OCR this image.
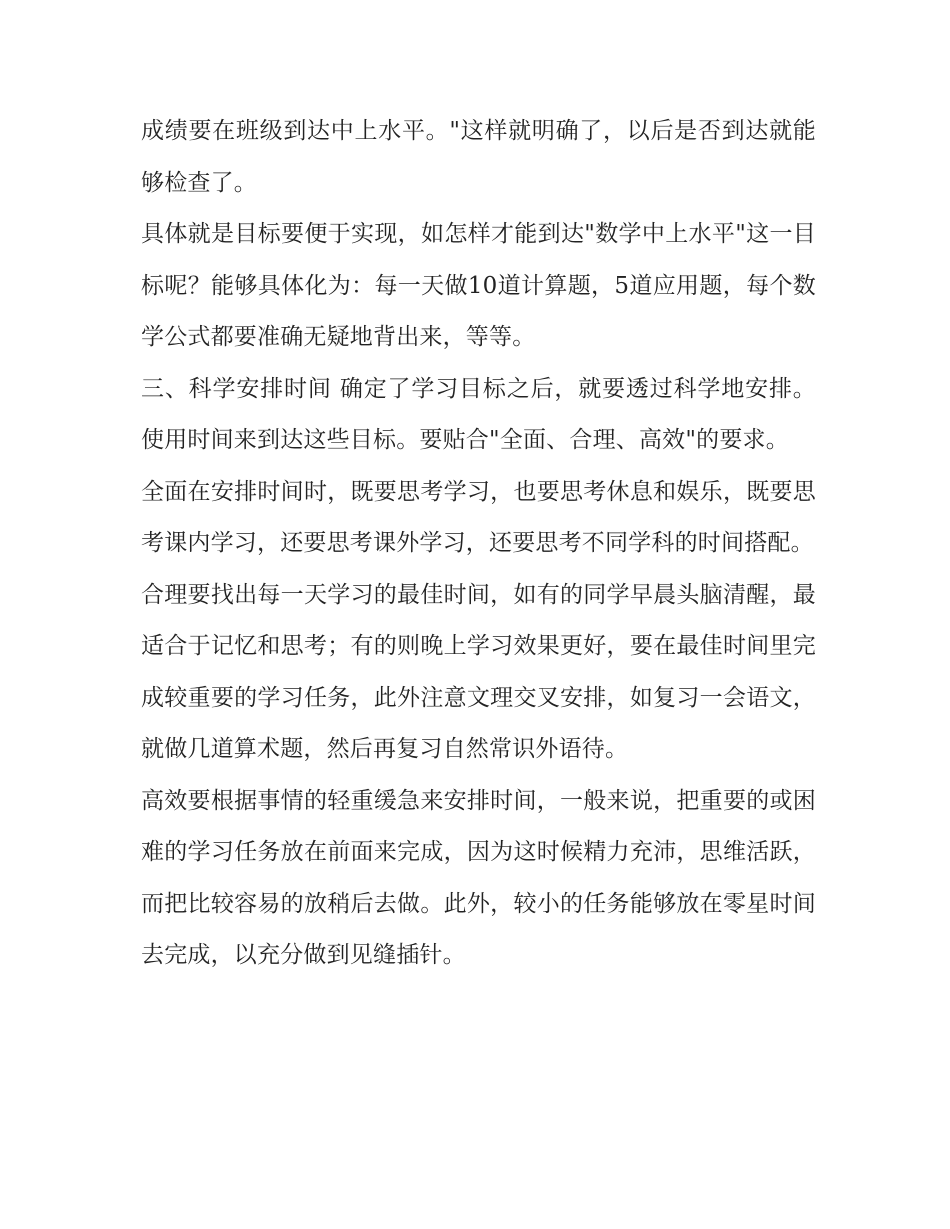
成绩要在班级到达中上水平。"这样就明确了，以后是否到达就能够检查了。

具体就是目标要便于实现，如怎样才能到达"数学中上水平"这一目标呢？能够具体化为：每一天做10道计算题，5道应用题，每个数学公式都要准确无疑地背出来，等等。

三、科学安排时间 确定了学习目标之后，就要透过科学地安排。使用时间来到达这些目标。要贴合"全面、合理、高效"的要求。

全面在安排时间时，既要思考学习，也要思考休息和娱乐，既要思考课内学习，还要思考课外学习，还要思考不同学科的时间搭配。

合理要找出每一天学习的最佳时间，如有的同学早晨头脑清醒，最适合于记忆和思考；有的则晚上学习效果更好，要在最佳时间里完成较重要的学习任务，此外注意文理交叉安排，如复习一会语文，就做几道算术题，然后再复习自然常识外语待。

高效要根据事情的轻重缓急来安排时间，一般来说，把重要的或困难的学习任务放在前面来完成，因为这时候精力充沛，思维活跃，而把比较容易的放稍后去做。此外，较小的任务能够放在零星时间去完成，以充分做到见缝插针。
